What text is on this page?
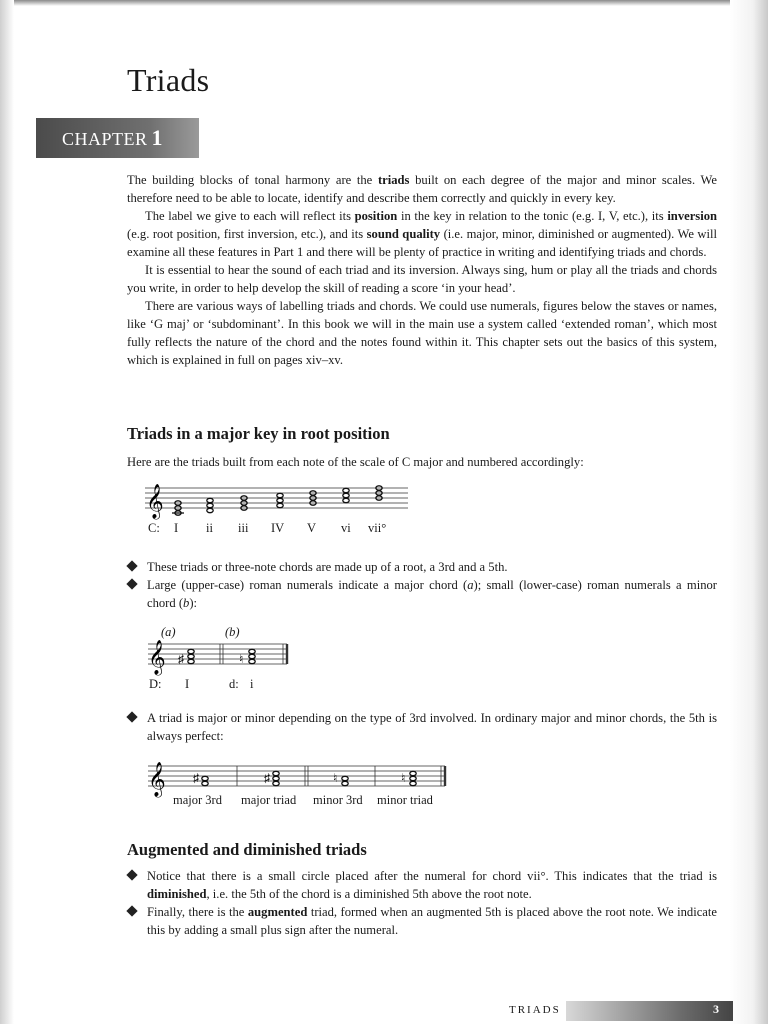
Triads
CHAPTER 1

The building blocks of tonal harmony are the triads built on each degree of the major and minor scales. We therefore need to be able to locate, identify and describe them correctly and quickly in every key.

The label we give to each will reflect its position in the key in relation to the tonic (e.g. I, V, etc.), its inversion (e.g. root position, first inversion, etc.), and its sound quality (i.e. major, minor, diminished or augmented). We will examine all these features in Part 1 and there will be plenty of practice in writing and identifying triads and chords.

It is essential to hear the sound of each triad and its inversion. Always sing, hum or play all the triads and chords you write, in order to help develop the skill of reading a score ‘in your head’.

There are various ways of labelling triads and chords. We could use numerals, figures below the staves or names, like ‘G maj’ or ‘subdominant’. In this book we will in the main use a system called ‘extended roman’, which most fully reflects the nature of the chord and the notes found within it. This chapter sets out the basics of this system, which is explained in full on pages xiv–xv.

Triads in a major key in root position
Here are the triads built from each note of the scale of C major and numbered accordingly:
𝄞
C: I ii iii IV V vi vii°

These triads or three-note chords are made up of a root, a 3rd and a 5th.

Large (upper-case) roman numerals indicate a major chord (a); small (lower-case) roman numerals a minor chord (b):

(a)	(b)
𝄞 ♯	♮
D: I	d: i

A triad is major or minor depending on the type of 3rd involved. In ordinary major and minor chords, the 5th is always perfect:

𝄞 ♯	♯	♮	♮
major 3rd major triad minor 3rd minor triad
Augmented and diminished triads

Notice that there is a small circle placed after the numeral for chord vii°. This indicates that the triad is diminished, i.e. the 5th of the chord is a diminished 5th above the root note.

Finally, there is the augmented triad, formed when an augmented 5th is placed above the root note. We indicate this by adding a small plus sign after the numeral.

TRIADS	3
